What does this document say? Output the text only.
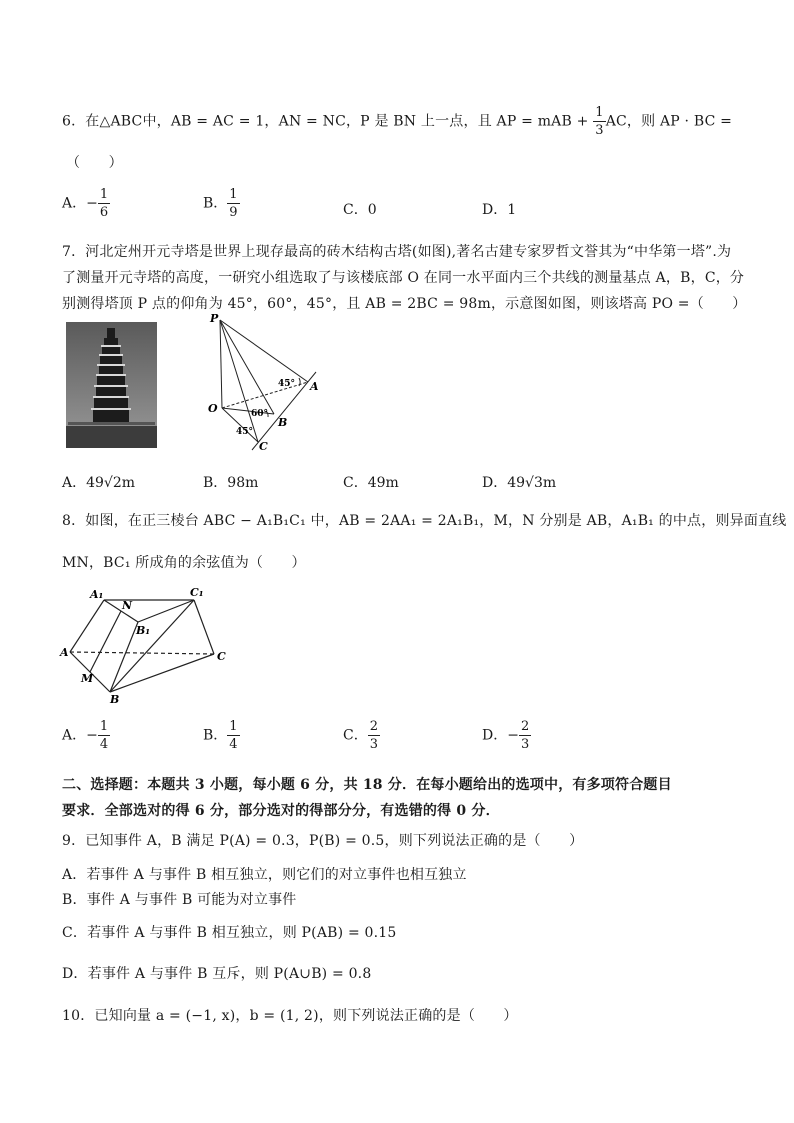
6．在△ABC中，AB = AC = 1，AN = NC，P 是 BN 上一点，且 AP = mAB + $\frac{1}{3}$ AC，则 AP · BC =
（　　）
A．− $\frac{1}{6}$	B． $\frac{1}{9}$	C．0	D．1
7．河北定州开元寺塔是世界上现存最高的砖木结构古塔(如图),著名古建专家罗哲文誉其为“中华第一塔”.为
了测量开元寺塔的高度，一研究小组选取了与该楼底部 O 在同一水平面内三个共线的测量基点 A，B，C，分
别测得塔顶 P 点的仰角为 45°，60°，45°，且 AB = 2BC = 98m，示意图如图，则该塔高 PO =（　　）
P
O
A
B
C
45°
60°
45°
A．49√2m	B．98m	C．49m	D．49√3m
8．如图，在正三棱台 ABC − A₁B₁C₁ 中，AB = 2AA₁ = 2A₁B₁，M，N 分别是 AB，A₁B₁ 的中点，则异面直线
MN，BC₁ 所成角的余弦值为（　　）
A₁
N
C₁
B₁
A	C
M
B
A．− $\frac{1}{4}$	B． $\frac{1}{4}$	C． $\frac{2}{3}$	D．− $\frac{2}{3}$
二、选择题：本题共 3 小题，每小题 6 分，共 18 分．在每小题给出的选项中，有多项符合题目
要求．全部选对的得 6 分，部分选对的得部分分，有选错的得 0 分．
9．已知事件 A，B 满足 P(A) = 0.3，P(B) = 0.5，则下列说法正确的是（　　）
A．若事件 A 与事件 B 相互独立，则它们的对立事件也相互独立
B．事件 A 与事件 B 可能为对立事件
C．若事件 A 与事件 B 相互独立，则 P(AB) = 0.15
D．若事件 A 与事件 B 互斥，则 P(A∪B) = 0.8
10．已知向量 a = (−1, x)，b = (1, 2)，则下列说法正确的是（　　）
